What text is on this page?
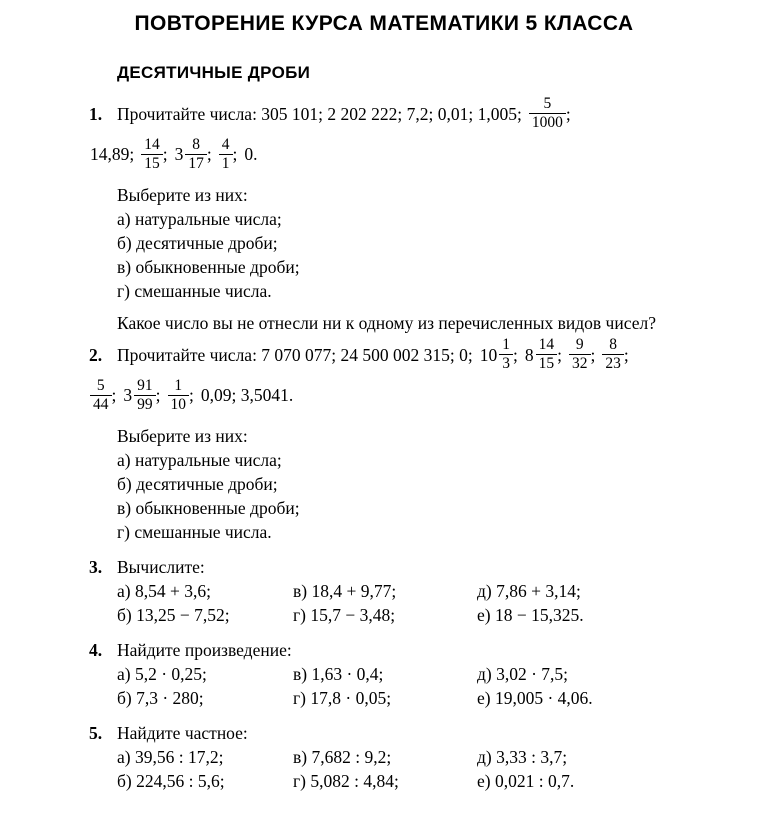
ПОВТОРЕНИЕ КУРСА МАТЕМАТИКИ 5 КЛАССА
ДЕСЯТИЧНЫЕ ДРОБИ
1. Прочитайте числа: 305 101; 2 202 222; 7,2; 0,01; 1,005; $\frac{5}{1000}$ ;
14,89; $\frac{14}{15}$ ; $3 \frac{8}{17}$ ; $\frac{4}{1}$ ; 0.
Выберите из них:
а) натуральные числа;
б) десятичные дроби;
в) обыкновенные дроби;
г) смешанные числа.
Какое число вы не отнесли ни к одному из перечисленных видов чисел?
2. Прочитайте числа: 7 070 077; 24 500 002 315; 0; $10 \frac{1}{3}$ ; $8 \frac{14}{15}$ ; $\frac{9}{32}$ ; $\frac{8}{23}$ ;
$\frac{5}{44}$ ; $3 \frac{91}{99}$ ; $\frac{1}{10}$ ; 0,09; 3,5041.
Выберите из них:
а) натуральные числа;
б) десятичные дроби;
в) обыкновенные дроби;
г) смешанные числа.
3. Вычислите:
а) 8,54 + 3,6;	в) 18,4 + 9,77;	д) 7,86 + 3,14;
б) 13,25 − 7,52;	г) 15,7 − 3,48;	е) 18 − 15,325.
4. Найдите произведение:
а) 5,2 · 0,25;	в) 1,63 · 0,4;	д) 3,02 · 7,5;
б) 7,3 · 280;	г) 17,8 · 0,05;	е) 19,005 · 4,06.
5. Найдите частное:
а) 39,56 : 17,2;	в) 7,682 : 9,2;	д) 3,33 : 3,7;
б) 224,56 : 5,6;	г) 5,082 : 4,84;	е) 0,021 : 0,7.
